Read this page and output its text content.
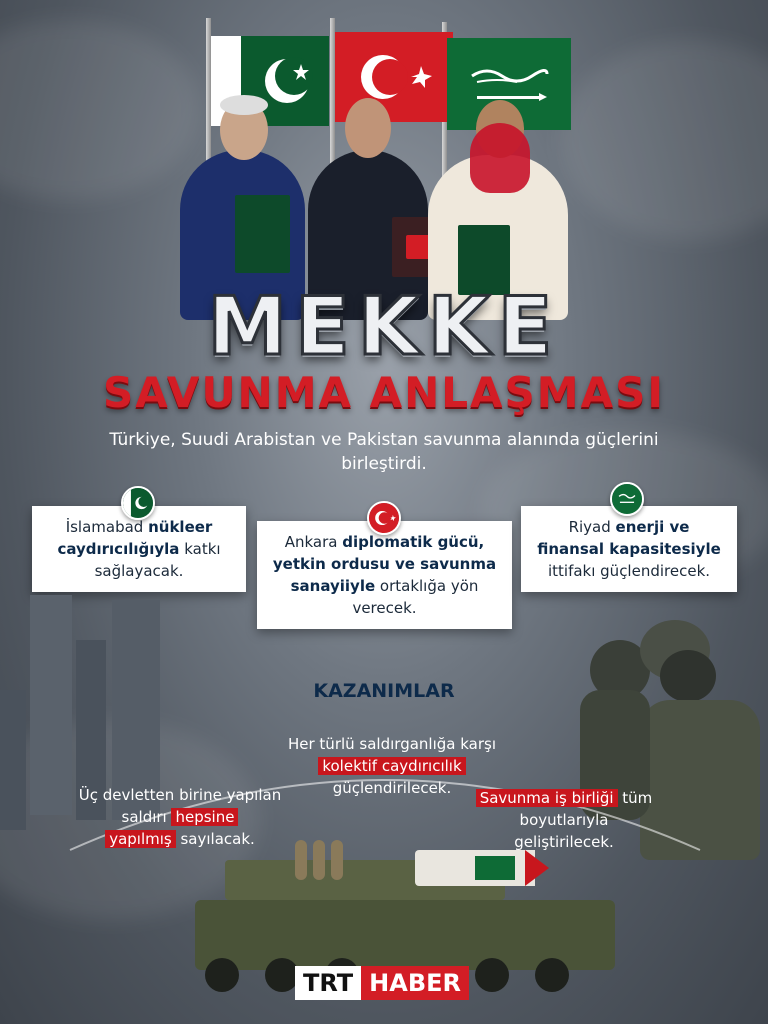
MEKKE
SAVUNMA ANLAŞMASI
Türkiye, Suudi Arabistan ve Pakistan savunma alanında güçlerini birleştirdi.
İslamabad nükleer caydırıcılığıyla katkı sağlayacak.
Ankara diplomatik gücü, yetkin ordusu ve savunma sanayiiyle ortaklığa yön verecek.
Riyad enerji ve finansal kapasitesiyle ittifakı güçlendirecek.
KAZANIMLAR
Üç devletten birine yapılan saldırı hepsine
yapılmış sayılacak.
Her türlü saldırganlığa karşı kolektif caydırıcılık güçlendirilecek.
Savunma iş birliği tüm boyutlarıyla geliştirilecek.
TRT HABER
